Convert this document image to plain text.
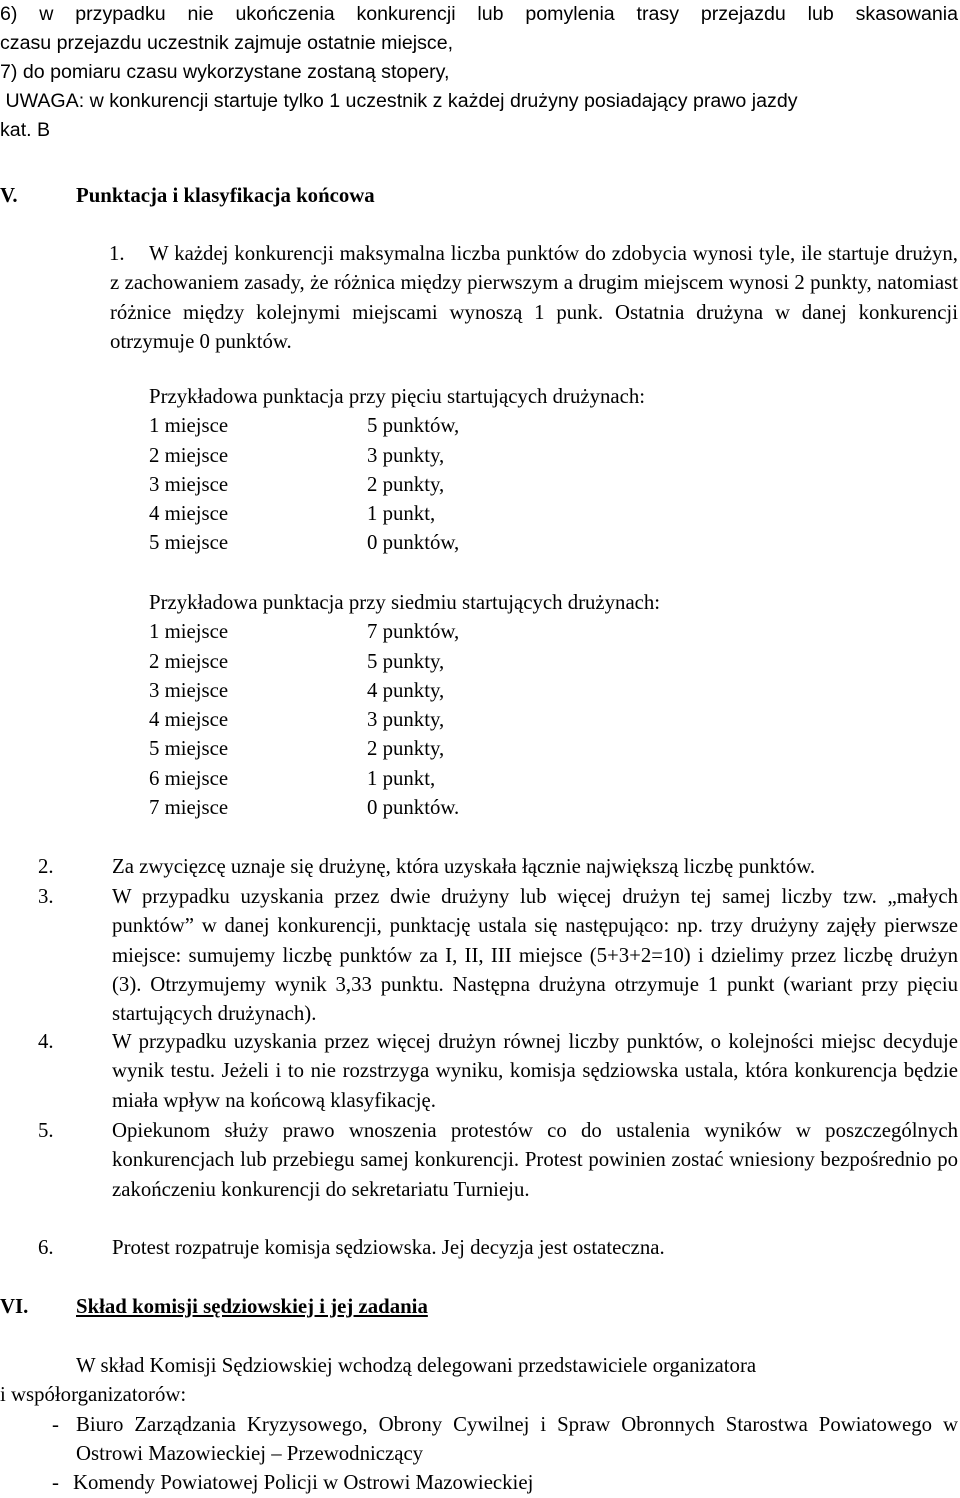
6) w przypadku nie ukończenia konkurencji lub pomylenia trasy przejazdu lub skasowania
czasu przejazdu uczestnik zajmuje ostatnie miejsce,
7) do pomiaru czasu wykorzystane zostaną stopery,
UWAGA: w konkurencji startuje tylko 1 uczestnik z każdej drużyny posiadający prawo jazdy
kat. B
V.	Punktacja i klasyfikacja końcowa
1.	W każdej konkurencji maksymalna liczba punktów do zdobycia wynosi tyle, ile startuje drużyn, z zachowaniem zasady, że różnica między pierwszym a drugim miejscem wynosi 2 punkty, natomiast różnice między kolejnymi miejscami wynoszą 1 punk. Ostatnia drużyna w danej konkurencji otrzymuje 0 punktów.
Przykładowa punktacja przy pięciu startujących drużynach:
1 miejsce	5 punktów,
2 miejsce	3 punkty,
3 miejsce	2 punkty,
4 miejsce	1 punkt,
5 miejsce	0 punktów,
Przykładowa punktacja przy siedmiu startujących drużynach:
1 miejsce	7 punktów,
2 miejsce	5 punkty,
3 miejsce	4 punkty,
4 miejsce	3 punkty,
5 miejsce	2 punkty,
6 miejsce	1 punkt,
7 miejsce	0 punktów.
2.	Za zwycięzcę uznaje się drużynę, która uzyskała łącznie największą liczbę punktów.
3.	W przypadku uzyskania przez dwie drużyny lub więcej drużyn tej samej liczby tzw. „małych punktów” w danej konkurencji, punktację ustala się następująco: np. trzy drużyny zajęły pierwsze miejsce: sumujemy liczbę punktów za I, II, III miejsce (5+3+2=10) i dzielimy przez liczbę drużyn (3). Otrzymujemy wynik 3,33 punktu. Następna drużyna otrzymuje 1 punkt (wariant przy pięciu startujących drużynach).
4.	W przypadku uzyskania przez więcej drużyn równej liczby punktów, o kolejności miejsc decyduje wynik testu. Jeżeli i to nie rozstrzyga wyniku, komisja sędziowska ustala, która konkurencja będzie miała wpływ na końcową klasyfikację.
5.	Opiekunom służy prawo wnoszenia protestów co do ustalenia wyników w poszczególnych konkurencjach lub przebiegu samej konkurencji. Protest powinien zostać wniesiony bezpośrednio po zakończeniu konkurencji do sekretariatu Turnieju.
6.	Protest rozpatruje komisja sędziowska. Jej decyzja jest ostateczna.
VI. Skład komisji sędziowskiej i jej zadania
W skład Komisji Sędziowskiej wchodzą delegowani przedstawiciele organizatora
i współorganizatorów:
- Biuro Zarządzania Kryzysowego, Obrony Cywilnej i Spraw Obronnych Starostwa Powiatowego w Ostrowi Mazowieckiej – Przewodniczący
- Komendy Powiatowej Policji w Ostrowi Mazowieckiej
